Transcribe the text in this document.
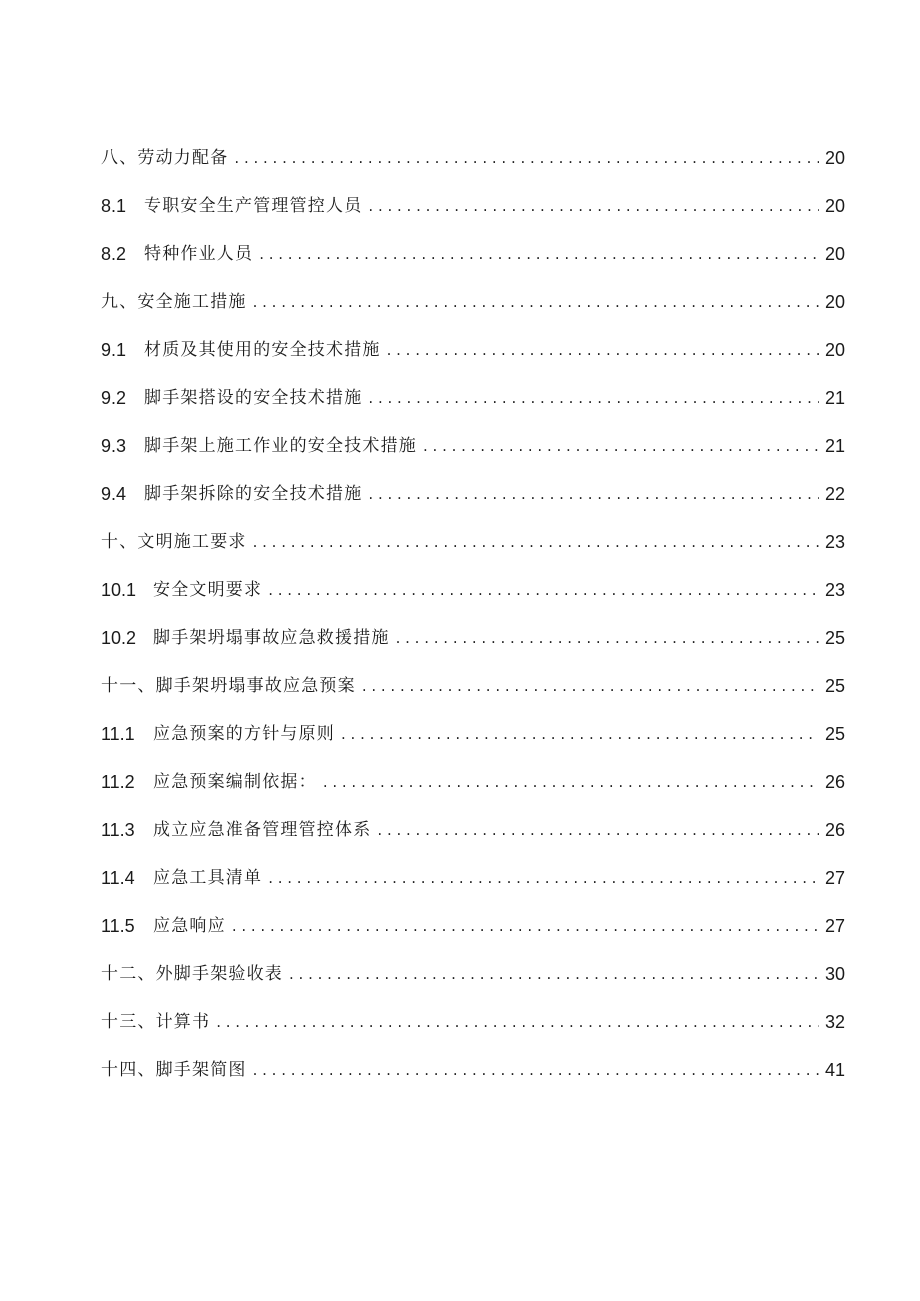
八、劳动力配备 . . .	20
8.1	专职安全生产管理管控人员 . . .	20
8.2	特种作业人员 . . .	20
九、安全施工措施 . . .	20
9.1	材质及其使用的安全技术措施 . . .	20
9.2	脚手架搭设的安全技术措施 . . .	21
9.3	脚手架上施工作业的安全技术措施 . . .	21
9.4	脚手架拆除的安全技术措施 . . .	22
十、文明施工要求 . . .	23
10.1 安全文明要求 . . .	23
10.2 脚手架坍塌事故应急救援措施 . . .	25
十一、脚手架坍塌事故应急预案 . . .	25
11.1	应急预案的方针与原则 . . .	25
11.2	应急预案编制依据： . . .	26
11.3	成立应急准备管理管控体系 . . .	26
11.4	应急工具清单 . . .	27
11.5	应急响应 . . .	27
十二、外脚手架验收表 . . .	30
十三、计算书 . . .	32
十四、脚手架简图 . . .	41
